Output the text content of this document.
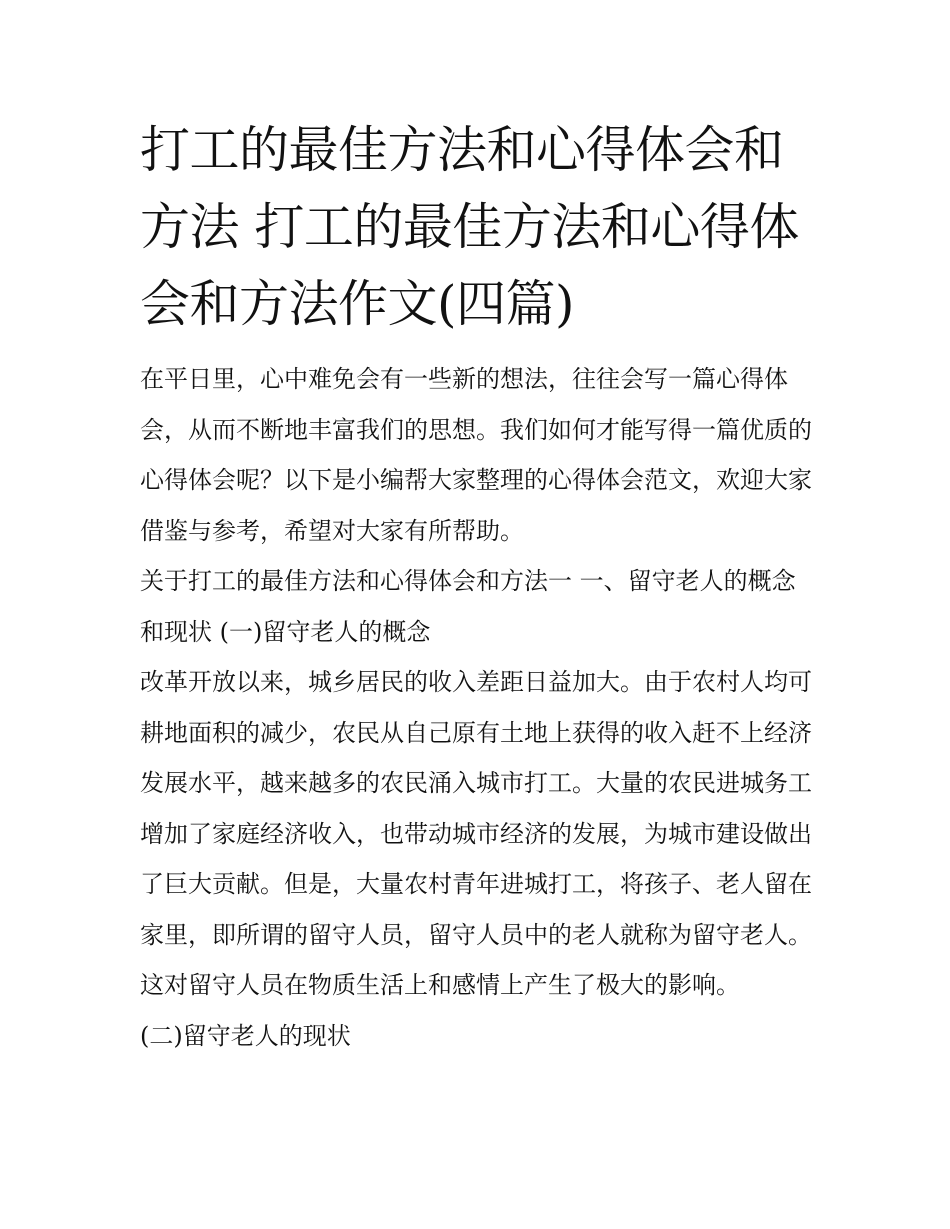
打工的最佳方法和心得体会和方法 打工的最佳方法和心得体会和方法作文(四篇)

在平日里，心中难免会有一些新的想法，往往会写一篇心得体会，从而不断地丰富我们的思想。我们如何才能写得一篇优质的心得体会呢？以下是小编帮大家整理的心得体会范文，欢迎大家借鉴与参考，希望对大家有所帮助。

关于打工的最佳方法和心得体会和方法一 一、留守老人的概念和现状 (一)留守老人的概念

改革开放以来，城乡居民的收入差距日益加大。由于农村人均可耕地面积的减少，农民从自己原有土地上获得的收入赶不上经济发展水平，越来越多的农民涌入城市打工。大量的农民进城务工增加了家庭经济收入，也带动城市经济的发展，为城市建设做出了巨大贡献。但是，大量农村青年进城打工，将孩子、老人留在家里，即所谓的留守人员，留守人员中的老人就称为留守老人。这对留守人员在物质生活上和感情上产生了极大的影响。

(二)留守老人的现状
